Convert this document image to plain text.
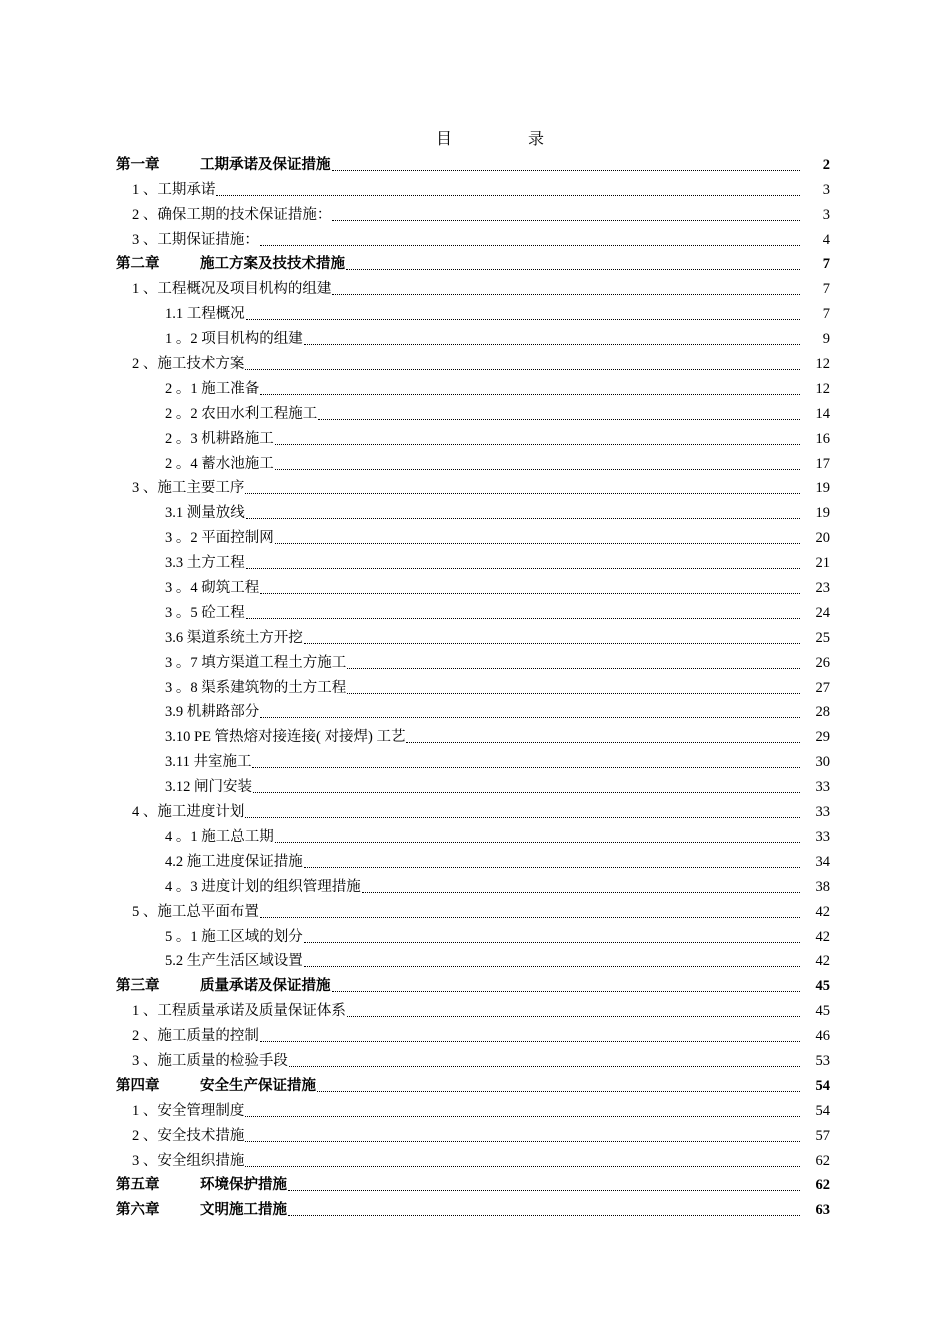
目　录
第一章	工期承诺及保证措施	2
1 、工期承诺	3
2 、确保工期的技术保证措施：	3
3 、工期保证措施：	4
第二章	施工方案及技技术措施	7
1 、工程概况及项目机构的组建	7
1.1 工程概况	7
1 。2 项目机构的组建	9
2 、施工技术方案	12
2 。1 施工准备	12
2 。2 农田水利工程施工	14
2 。3 机耕路施工	16
2 。4 蓄水池施工	17
3 、施工主要工序	19
3.1 测量放线	19
3 。2 平面控制网	20
3.3 土方工程	21
3 。4 砌筑工程	23
3 。5 砼工程	24
3.6 渠道系统土方开挖	25
3 。7 填方渠道工程土方施工	26
3 。8 渠系建筑物的土方工程	27
3.9 机耕路部分	28
3.10 PE 管热熔对接连接( 对接焊) 工艺	29
3.11 井室施工	30
3.12 闸门安装	33
4 、施工进度计划	33
4 。1 施工总工期	33
4.2 施工进度保证措施	34
4 。3 进度计划的组织管理措施	38
5 、施工总平面布置	42
5 。1 施工区域的划分	42
5.2 生产生活区域设置	42
第三章	质量承诺及保证措施	45
1 、工程质量承诺及质量保证体系	45
2 、施工质量的控制	46
3 、施工质量的检验手段	53
第四章	安全生产保证措施	54
1 、安全管理制度	54
2 、安全技术措施	57
3 、安全组织措施	62
第五章	环境保护措施	62
第六章	文明施工措施	63
